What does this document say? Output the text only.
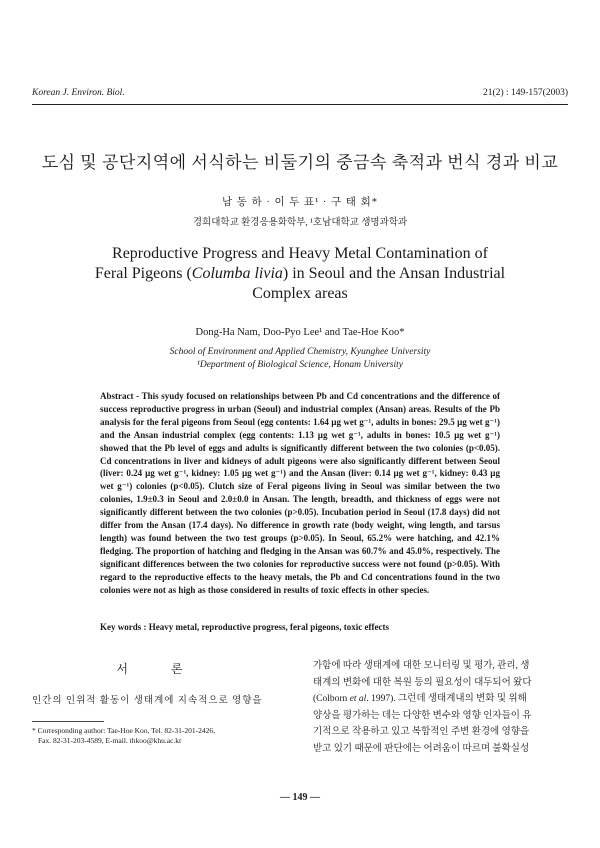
Korean J. Environ. Biol.	21(2) : 149-157(2003)
도심 및 공단지역에 서식하는 비둘기의 중금속 축적과 번식 경과 비교
남 동 하 · 이 두 표¹ · 구 태 회*
경희대학교 환경응용화학부, ¹호남대학교 생명과학과
Reproductive Progress and Heavy Metal Contamination of
Feral Pigeons (Columba livia) in Seoul and the Ansan Industrial
Complex areas
Dong-Ha Nam, Doo-Pyo Lee¹ and Tae-Hoe Koo*
School of Environment and Applied Chemistry, Kyunghee University
¹Department of Biological Science, Honam University
Abstract - This syudy focused on relationships between Pb and Cd concentrations and the difference of success reproductive progress in urban (Seoul) and industrial complex (Ansan) areas. Results of the Pb analysis for the feral pigeons from Seoul (egg contents: 1.64 µg wet g⁻¹, adults in bones: 29.5 µg wet g⁻¹) and the Ansan industrial complex (egg contents: 1.13 µg wet g⁻¹, adults in bones: 10.5 µg wet g⁻¹) showed that the Pb level of eggs and adults is significantly different between the two colonies (p<0.05). Cd concentrations in liver and kidneys of adult pigeons were also significantly different between Seoul (liver: 0.24 µg wet g⁻¹, kidney: 1.05 µg wet g⁻¹) and the Ansan (liver: 0.14 µg wet g⁻¹, kidney: 0.43 µg wet g⁻¹) colonies (p<0.05). Clutch size of Feral pigeons living in Seoul was similar between the two colonies, 1.9±0.3 in Seoul and 2.0±0.0 in Ansan. The length, breadth, and thickness of eggs were not significantly different between the two colonies (p>0.05). Incubation period in Seoul (17.8 days) did not differ from the Ansan (17.4 days). No difference in growth rate (body weight, wing length, and tarsus length) was found between the two test groups (p>0.05). In Seoul, 65.2% were hatching, and 42.1% fledging. The proportion of hatching and fledging in the Ansan was 60.7% and 45.0%, respectively. The significant differences between the two colonies for reproductive success were not found (p>0.05). With regard to the reproductive effects to the heavy metals, the Pb and Cd concentrations found in the two colonies were not as high as those considered in results of toxic effects in other species.
Key words : Heavy metal, reproductive progress, feral pigeons, toxic effects
서 론
인간의 인위적 활동이 생태계에 지속적으로 영향을
* Corresponding author: Tae-Hoe Koo, Tel. 82-31-201-2426,
Fax. 82-31-203-4589, E-mail. thkoo@khu.ac.kr

가함에 따라 생태계에 대한 모니터링 및 평가, 관리, 생

태계의 변화에 대한 복원 등의 필요성이 대두되어 왔다

(Colborn et al. 1997). 그런데 생태계내의 변화 및 위해

양상을 평가하는 데는 다양한 변수와 영향 인자들이 유

기적으로 작용하고 있고 복합적인 주변 환경에 영향을

받고 있기 때문에 판단에는 어려움이 따르며 불확실성

— 149 —
